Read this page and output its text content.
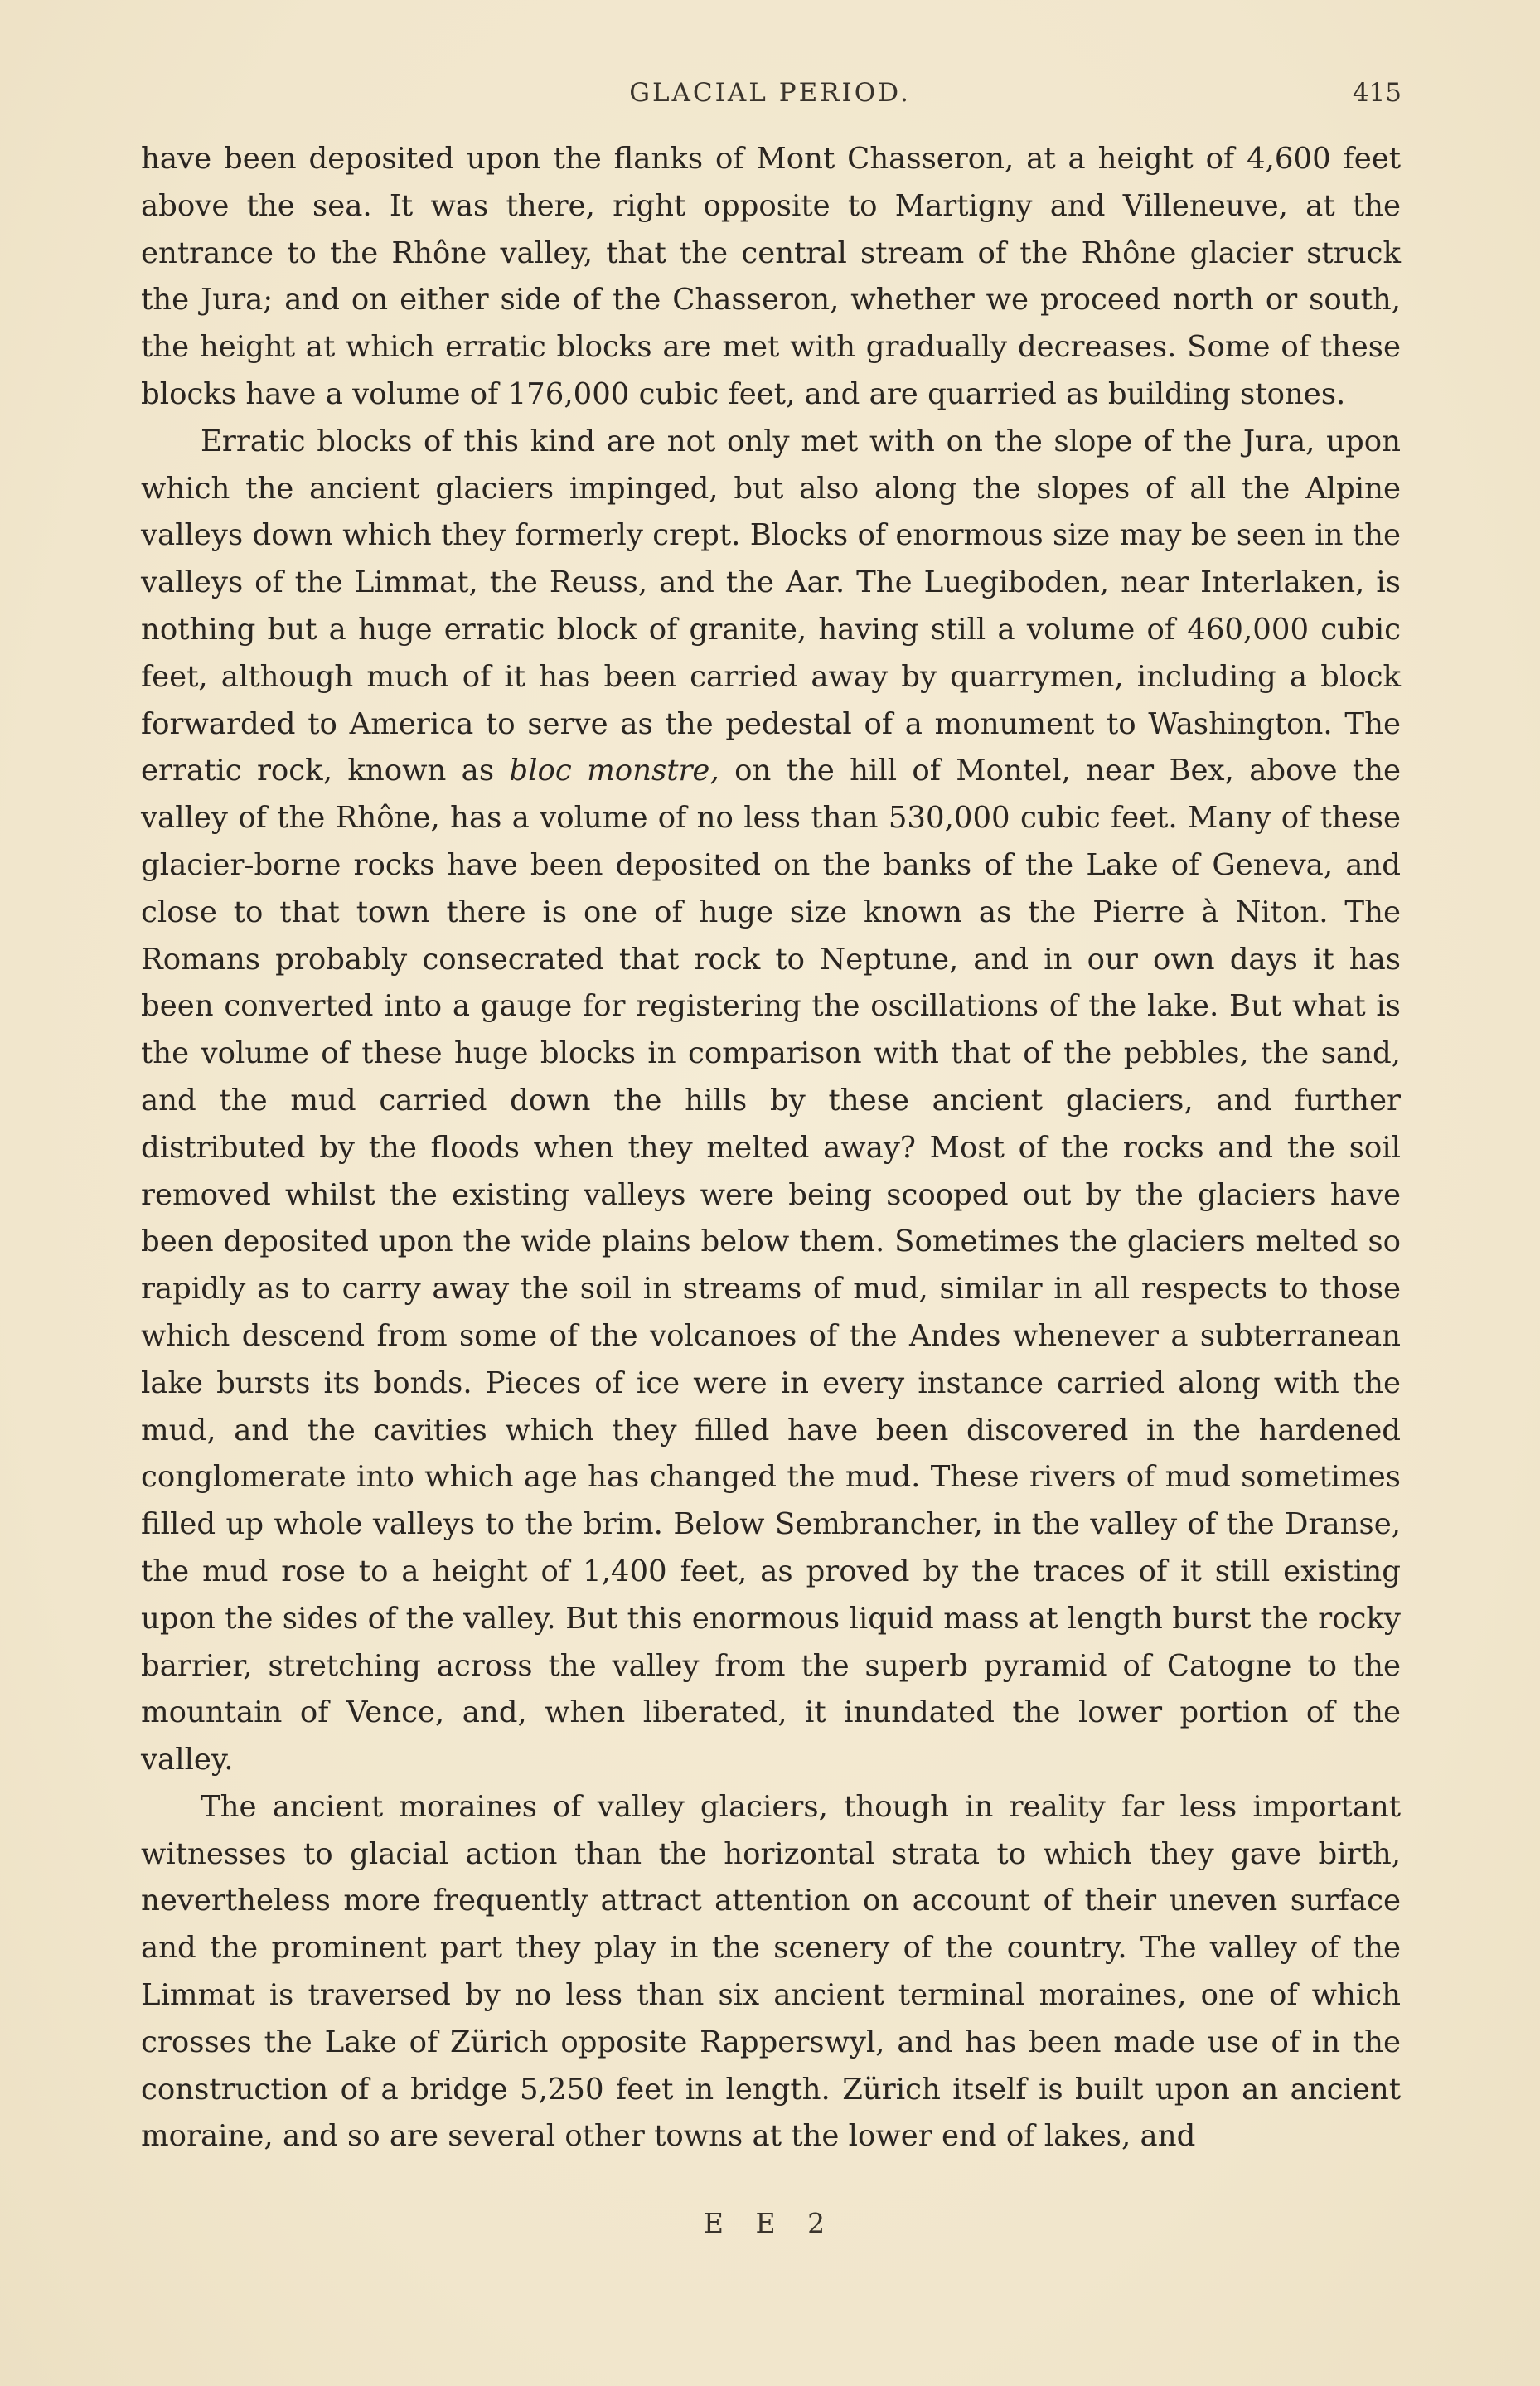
GLACIAL PERIOD.	415

have been deposited upon the flanks of Mont Chasseron, at a height of 4,600 feet above the sea. It was there, right opposite to Martigny and Villeneuve, at the entrance to the Rhône valley, that the central stream of the Rhône glacier struck the Jura; and on either side of the Chasseron, whether we proceed north or south, the height at which erratic blocks are met with gradually decreases. Some of these blocks have a volume of 176,000 cubic feet, and are quarried as building stones.

Erratic blocks of this kind are not only met with on the slope of the Jura, upon which the ancient glaciers impinged, but also along the slopes of all the Alpine valleys down which they formerly crept. Blocks of enormous size may be seen in the valleys of the Limmat, the Reuss, and the Aar. The Luegiboden, near Interlaken, is nothing but a huge erratic block of granite, having still a volume of 460,000 cubic feet, although much of it has been carried away by quarrymen, including a block forwarded to America to serve as the pedestal of a monument to Washington. The erratic rock, known as bloc monstre, on the hill of Montel, near Bex, above the valley of the Rhône, has a volume of no less than 530,000 cubic feet. Many of these glacier-borne rocks have been deposited on the banks of the Lake of Geneva, and close to that town there is one of huge size known as the Pierre à Niton. The Romans probably consecrated that rock to Neptune, and in our own days it has been converted into a gauge for registering the oscillations of the lake. But what is the volume of these huge blocks in comparison with that of the pebbles, the sand, and the mud carried down the hills by these ancient glaciers, and further distributed by the floods when they melted away? Most of the rocks and the soil removed whilst the existing valleys were being scooped out by the glaciers have been deposited upon the wide plains below them. Sometimes the glaciers melted so rapidly as to carry away the soil in streams of mud, similar in all respects to those which descend from some of the volcanoes of the Andes whenever a subterranean lake bursts its bonds. Pieces of ice were in every instance carried along with the mud, and the cavities which they filled have been discovered in the hardened conglomerate into which age has changed the mud. These rivers of mud sometimes filled up whole valleys to the brim. Below Sembrancher, in the valley of the Dranse, the mud rose to a height of 1,400 feet, as proved by the traces of it still existing upon the sides of the valley. But this enormous liquid mass at length burst the rocky barrier, stretching across the valley from the superb pyramid of Catogne to the mountain of Vence, and, when liberated, it inundated the lower portion of the valley.

The ancient moraines of valley glaciers, though in reality far less important witnesses to glacial action than the horizontal strata to which they gave birth, nevertheless more frequently attract attention on account of their uneven surface and the prominent part they play in the scenery of the country. The valley of the Limmat is traversed by no less than six ancient terminal moraines, one of which crosses the Lake of Zürich opposite Rapperswyl, and has been made use of in the construction of a bridge 5,250 feet in length. Zürich itself is built upon an ancient moraine, and so are several other towns at the lower end of lakes, and

E E 2
